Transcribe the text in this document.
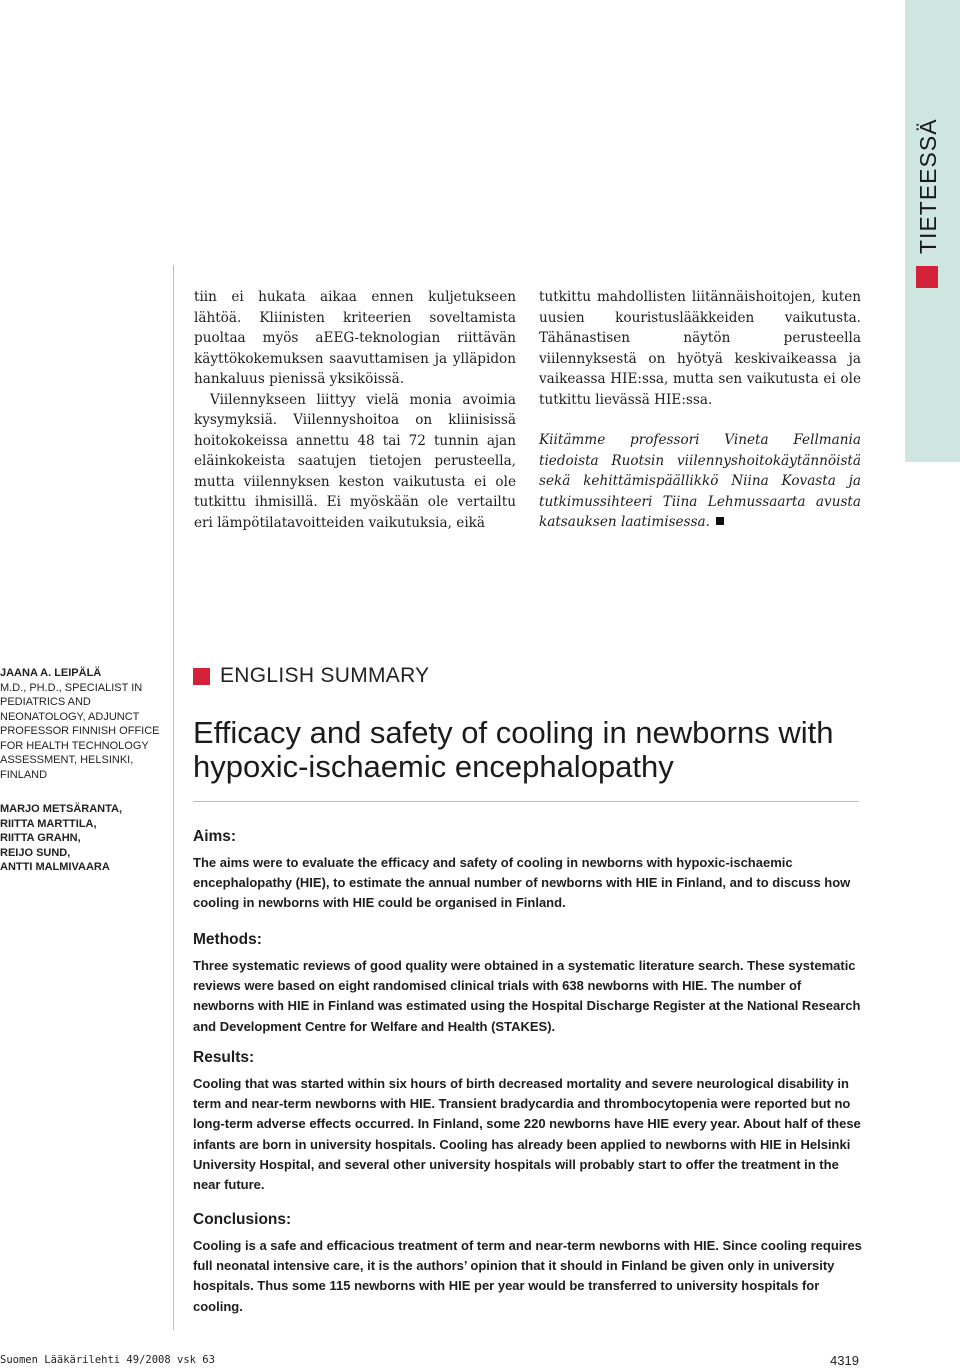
TIETEESSÄ

tiin ei hukata aikaa ennen kuljetukseen lähtöä. Kliinisten kriteerien soveltamista puoltaa myös aEEG-teknologian riittävän käyttökokemuksen saavuttamisen ja ylläpidon hankaluus pienissä yksiköissä.

Viilennykseen liittyy vielä monia avoimia kysymyksiä. Viilennyshoitoa on kliinisissä hoitokokeissa annettu 48 tai 72 tunnin ajan eläinkokeista saatujen tietojen perusteella, mutta viilennyksen keston vaikutusta ei ole tutkittu ihmisillä. Ei myöskään ole vertailtu eri lämpötilatavoitteiden vaikutuksia, eikä

tutkittu mahdollisten liitännäishoitojen, kuten uusien kouristuslääkkeiden vaikutusta. Tähänastisen näytön perusteella viilennyksestä on hyötyä keskivaikeassa ja vaikeassa HIE:ssa, mutta sen vaikutusta ei ole tutkittu lievässä HIE:ssa.

Kiitämme professori Vineta Fellmania tiedoista Ruotsin viilennyshoitokäytännöistä sekä kehittämispäällikkö Niina Kovasta ja tutkimussihteeri Tiina Lehmussaarta avusta katsauksen laatimisessa.

JAANA A. LEIPÄLÄ
M.D., PH.D., SPECIALIST IN PEDIATRICS AND NEONATOLOGY, ADJUNCT PROFESSOR FINNISH OFFICE FOR HEALTH TECHNOLOGY ASSESSMENT, HELSINKI, FINLAND
MARJO METSÄRANTA,
RIITTA MARTTILA,
RIITTA GRAHN,
REIJO SUND,
ANTTI MALMIVAARA
ENGLISH SUMMARY
Efficacy and safety of cooling in newborns with hypoxic-ischaemic encephalopathy
Aims:

The aims were to evaluate the efficacy and safety of cooling in newborns with hypoxic-ischaemic encephalopathy (HIE), to estimate the annual number of newborns with HIE in Finland, and to discuss how cooling in newborns with HIE could be organised in Finland.

Methods:

Three systematic reviews of good quality were obtained in a systematic literature search. These systematic reviews were based on eight randomised clinical trials with 638 newborns with HIE. The number of newborns with HIE in Finland was estimated using the Hospital Discharge Register at the National Research and Development Centre for Welfare and Health (STAKES).

Results:

Cooling that was started within six hours of birth decreased mortality and severe neurological disability in term and near-term newborns with HIE. Transient bradycardia and thrombocytopenia were reported but no long-term adverse effects occurred. In Finland, some 220 newborns have HIE every year. About half of these infants are born in university hospitals. Cooling has already been applied to newborns with HIE in Helsinki University Hospital, and several other university hospitals will probably start to offer the treatment in the near future.

Conclusions:

Cooling is a safe and efficacious treatment of term and near-term newborns with HIE. Since cooling requires full neonatal intensive care, it is the authors’ opinion that it should in Finland be given only in university hospitals. Thus some 115 newborns with HIE per year would be transferred to university hospitals for cooling.

Suomen Lääkärilehti 49/2008 vsk 63	4319
